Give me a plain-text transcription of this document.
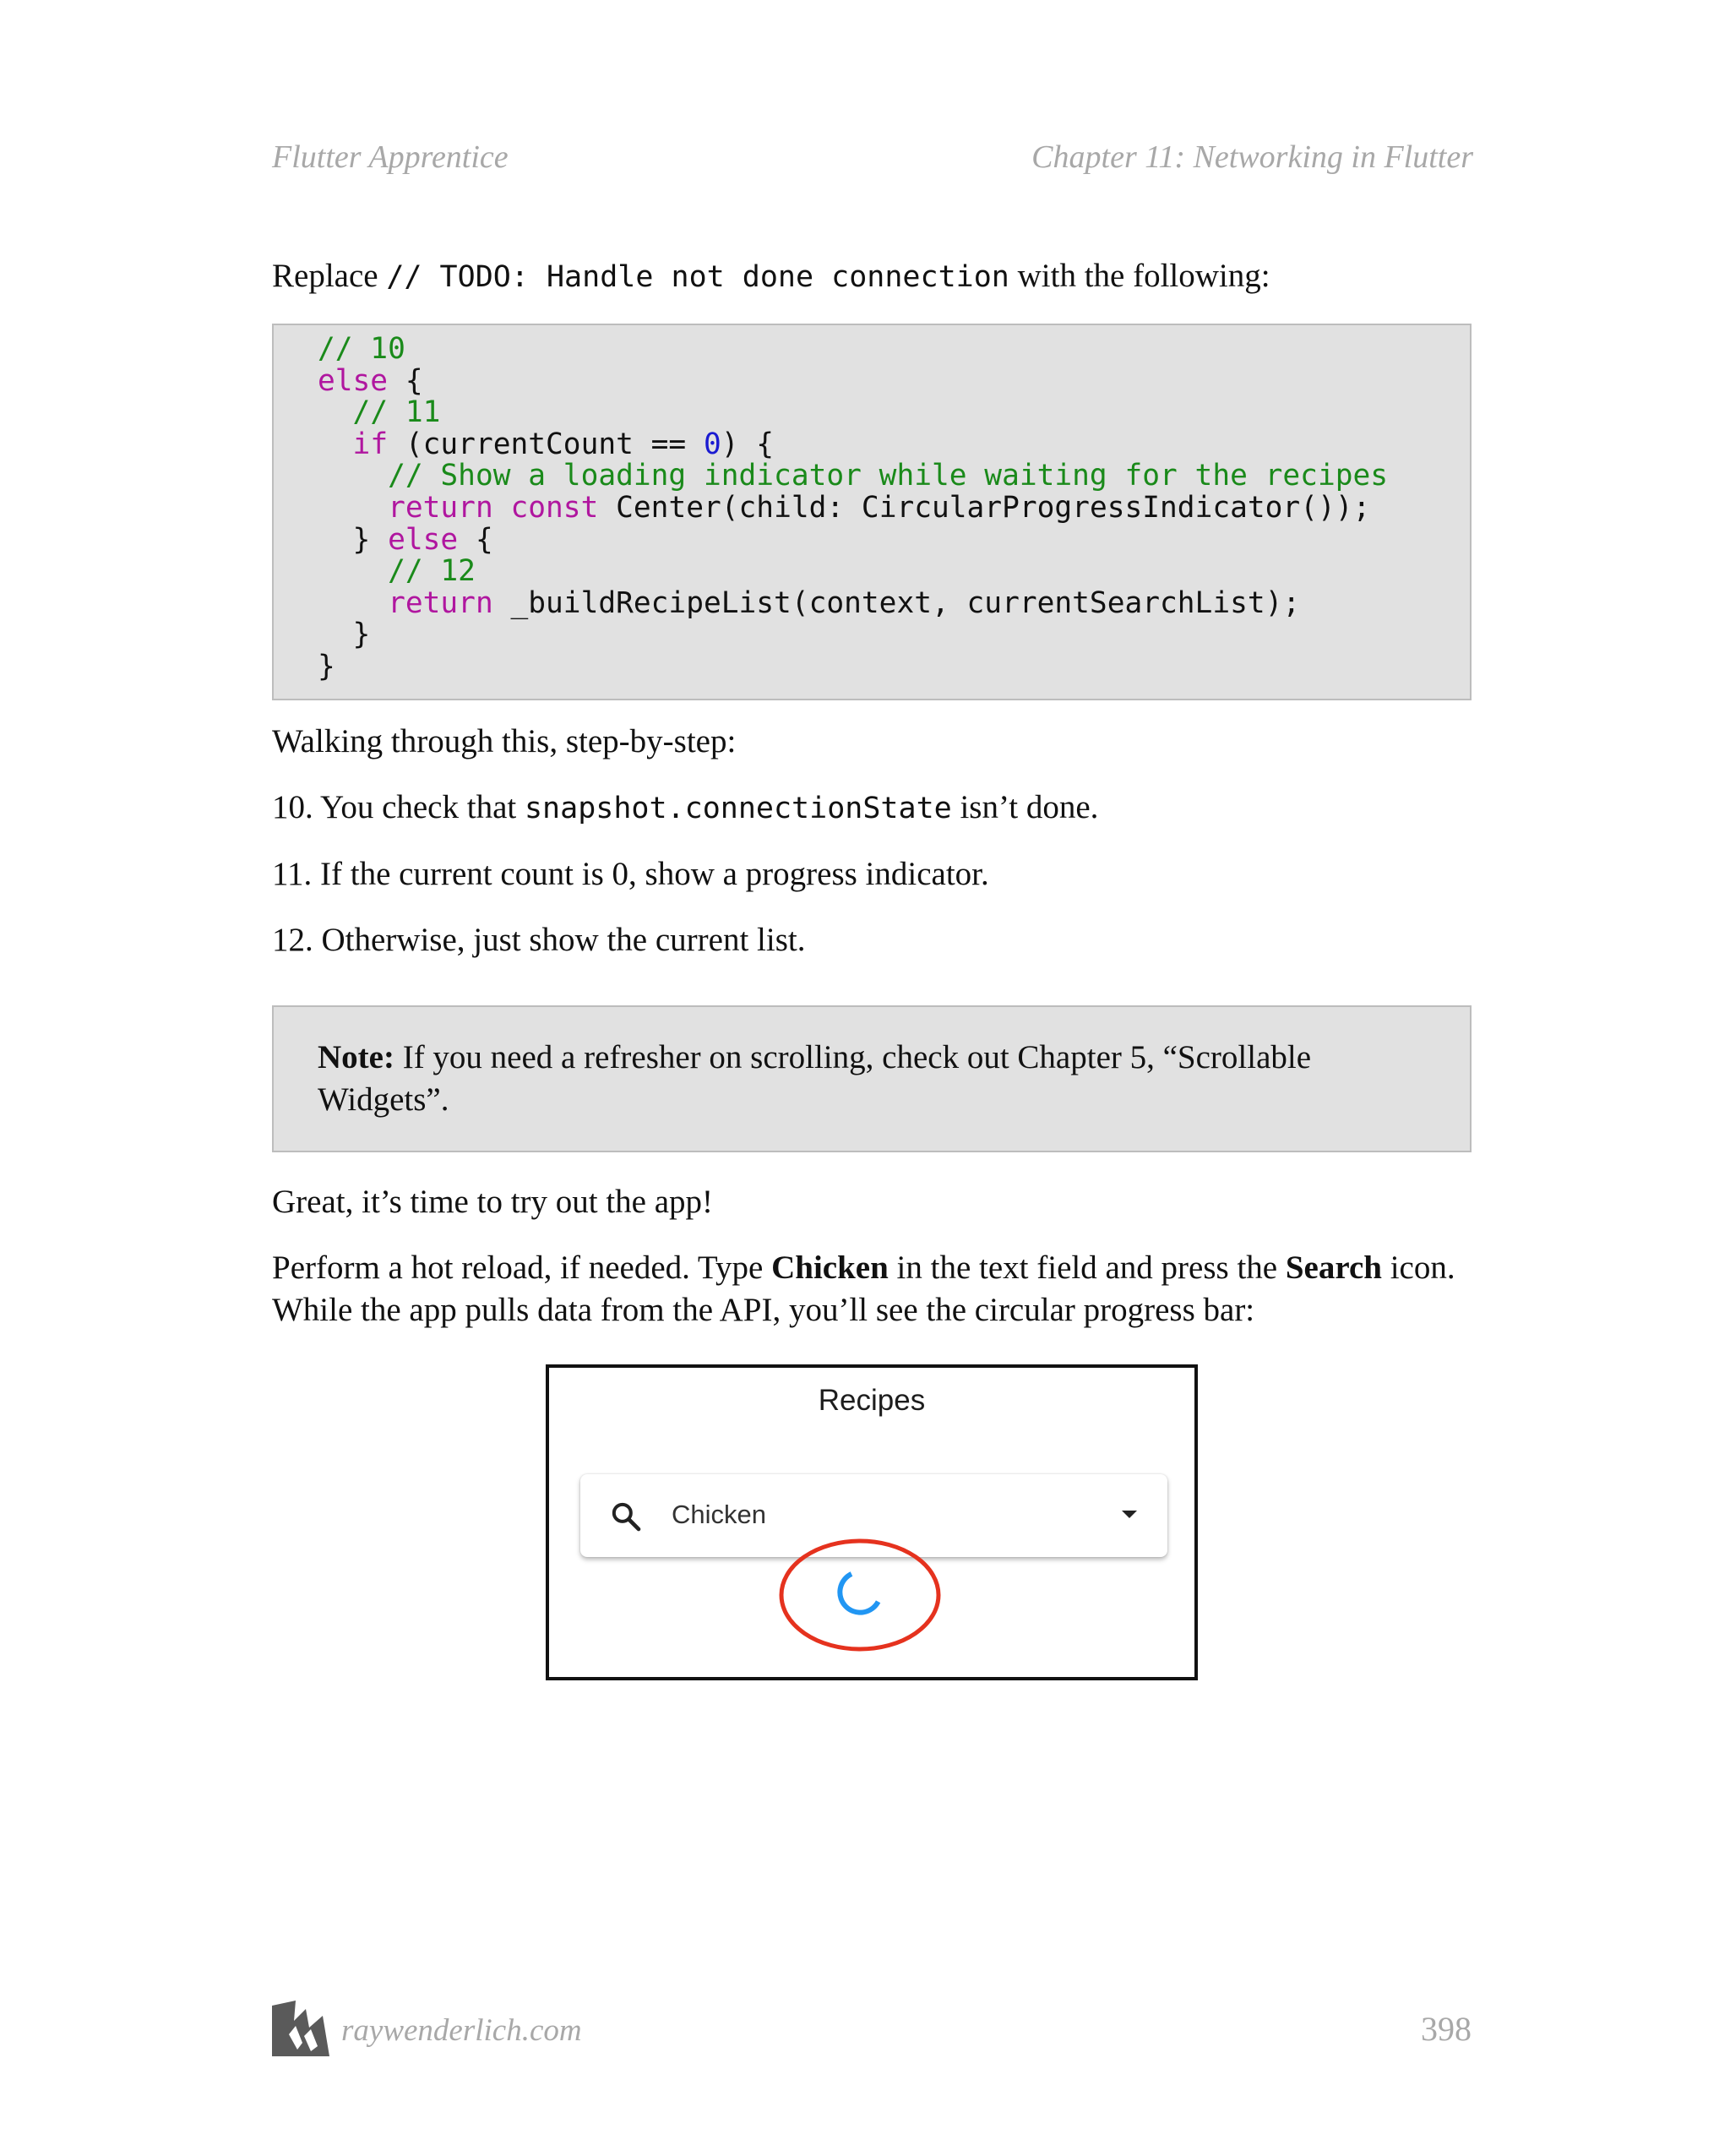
Flutter Apprentice	Chapter 11: Networking in Flutter

Replace // TODO: Handle not done connection with the following:

// 10
else {
// 11
if (currentCount == 0) {
// Show a loading indicator while waiting for the recipes
return const Center(child: CircularProgressIndicator());
} else {
// 12
return _buildRecipeList(context, currentSearchList);
}
}

Walking through this, step-by-step:

10. You check that snapshot.connectionState isn’t done.

11. If the current count is 0, show a progress indicator.

12. Otherwise, just show the current list.

Note: If you need a refresher on scrolling, check out Chapter 5, “Scrollable Widgets”.

Great, it’s time to try out the app!

Perform a hot reload, if needed. Type Chicken in the text field and press the Search icon. While the app pulls data from the API, you’ll see the circular progress bar:

Recipes
Chicken
raywenderlich.com	398
